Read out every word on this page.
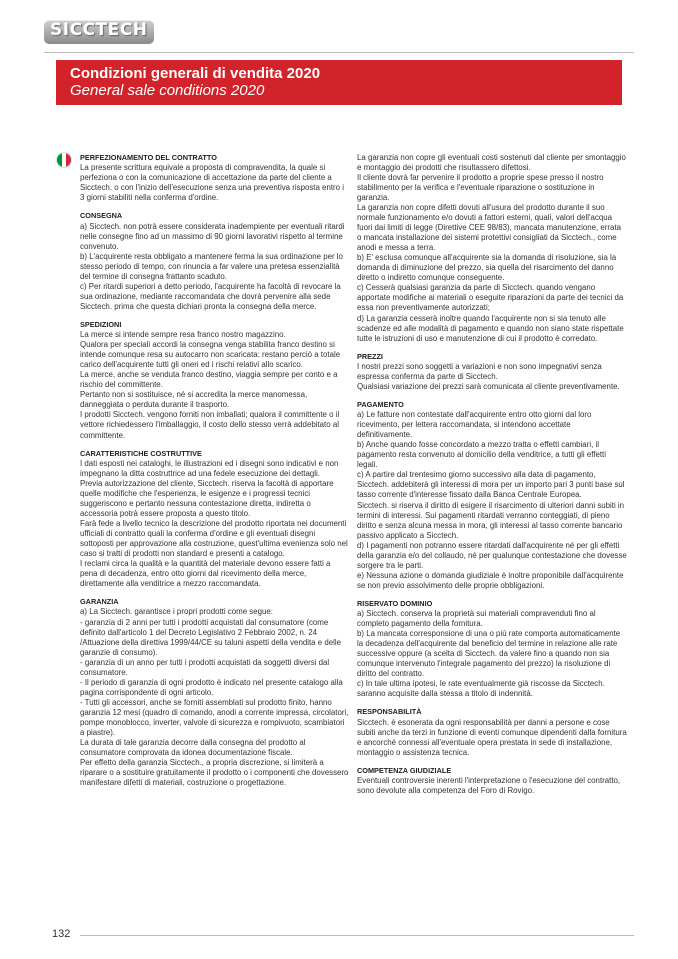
SICCTECH
Condizioni generali di vendita 2020
General sale conditions 2020
PERFEZIONAMENTO DEL CONTRATTO

La presente scrittura equivale a proposta di compravendita, la quale si perfeziona o con la comunicazione di accettazione da parte del cliente a Sicctech. o con l'inizio dell'esecuzione senza una preventiva risposta entro i 3 giorni stabiliti nella conferma d'ordine.

CONSEGNA

a) Sicctech. non potrà essere considerata inadempiente per eventuali ritardi nelle consegne fino ad un massimo di 90 giorni lavorativi rispetto al termine convenuto.
b) L'acquirente resta obbligato a mantenere ferma la sua ordinazione per lo stesso periodo di tempo, con rinuncia a far valere una pretesa essenzialità del termine di consegna frattanto scaduto.
c) Per ritardi superiori a detto periodo, l'acquirente ha facoltà di revocare la sua ordinazione, mediante raccomandata che dovrà pervenire alla sede Sicctech. prima che questa dichiari pronta la consegna della merce.

SPEDIZIONI

La merce si intende sempre resa franco nostro magazzino.
Qualora per speciali accordi la consegna venga stabilita franco destino si intende comunque resa su autocarro non scaricata: restano perciò a totale carico dell'acquirente tutti gli oneri ed i rischi relativi allo scarico.
La merce, anche se venduta franco destino, viaggia sempre per conto e a rischio del committente.
Pertanto non si sostituisce, né si accredita la merce manomessa, danneggiata o perduta durante il trasporto.
I prodotti Sicctech. vengono forniti non imballati; qualora il committente o il vettore richiedessero l'imballaggio, il costo dello stesso verrà addebitato al committente.

CARATTERISTICHE COSTRUTTIVE

I dati esposti nei cataloghi, le illustrazioni ed i disegni sono indicativi e non impegnano la ditta costruttrice ad una fedele esecuzione dei dettagli.
Previa autorizzazione del cliente, Sicctech. riserva la facoltà di apportare quelle modifiche che l'esperienza, le esigenze e i progressi tecnici suggeriscono e pertanto nessuna contestazione diretta, indiretta o accessoria potrà essere proposta a questo titolo.
Farà fede a livello tecnico la descrizione del prodotto riportata nei documenti ufficiali di contratto quali la conferma d'ordine e gli eventuali disegni sottoposti per approvazione alla costruzione, quest'ultima evenienza solo nel caso si tratti di prodotti non standard e presenti a catalogo.
I reclami circa la qualità e la quantità del materiale devono essere fatti a pena di decadenza, entro otto giorni dal ricevimento della merce, direttamente alla venditrice a mezzo raccomandata.

GARANZIA

a) La Sicctech. garantisce i propri prodotti come segue:
- garanzia di 2 anni per tutti i prodotti acquistati dal consumatore (come definito dall'articolo 1 del Decreto Legislativo 2 Febbraio 2002, n. 24 /Attuazione della direttiva 1999/44/CE su taluni aspetti della vendita e delle garanzie di consumo).
- garanzia di un anno per tutti i prodotti acquistati da soggetti diversi dal consumatore.
- Il periodo di garanzia di ogni prodotto è indicato nel presente catalogo alla pagina corrispondente di ogni articolo.
- Tutti gli accessori, anche se forniti assemblati sul prodotto finito, hanno garanzia 12 mesi (quadro di comando, anodi a corrente impressa, circolatori, pompe monoblocco, inverter, valvole di sicurezza e rompivuoto, scambiatori a piastre).
La durata di tale garanzia decorre dalla consegna del prodotto al consumatore comprovata da idonea documentazione fiscale.
Per effetto della garanzia Sicctech., a propria discrezione, si limiterà a riparare o a sostituire gratuitamente il prodotto o i componenti che dovessero manifestare difetti di materiali, costruzione o progettazione.

La garanzia non copre gli eventuali costi sostenuti dal cliente per smontaggio e montaggio dei prodotti che risultassero difettosi.
Il cliente dovrà far pervenire il prodotto a proprie spese presso il nostro stabilimento per la verifica e l'eventuale riparazione o sostituzione in garanzia.
La garanzia non copre difetti dovuti all'usura del prodotto durante il suo normale funzionamento e/o dovuti a fattori esterni, quali, valori dell'acqua fuori dai limiti di legge (Direttive CEE 98/83), mancata manutenzione, errata o mancata installazione dei sistemi protettivi consigliati da Sicctech., come anodi e messa a terra.
b) E' esclusa comunque all'acquirente sia la domanda di risoluzione, sia la domanda di diminuzione del prezzo, sia quella del risarcimento del danno diretto o indiretto comunque conseguente.
c) Cesserà qualsiasi garanzia da parte di Sicctech. quando vengano apportate modifiche ai materiali o eseguite riparazioni da parte dei tecnici da essa non preventivamente autorizzati;
d) La garanzia cesserà inoltre quando l'acquirente non si sia tenuto alle scadenze ed alle modalità di pagamento e quando non siano state rispettate tutte le istruzioni di uso e manutenzione di cui il prodotto è corredato.

PREZZI

I nostri prezzi sono soggetti a variazioni e non sono impegnativi senza espressa conferma da parte di Sicctech.
Qualsiasi variazione dei prezzi sarà comunicata al cliente preventivamente.

PAGAMENTO

a) Le fatture non contestate dall'acquirente entro otto giorni dal loro ricevimento, per lettera raccomandata, si intendono accettate definitivamente.
b) Anche quando fosse concordato a mezzo tratta o effetti cambiari, il pagamento resta convenuto al domicilio della venditrice, a tutti gli effetti legali.
c) A partire dal trentesimo giorno successivo alla data di pagamento, Sicctech. addebiterà gli interessi di mora per un importo pari 3 punti base sul tasso corrente d'interesse fissato dalla Banca Centrale Europea.
Sicctech. si riserva il diritto di esigere il risarcimento di ulteriori danni subiti in termini di interessi. Sui pagamenti ritardati verranno conteggiati, di pieno diritto e senza alcuna messa in mora, gli interessi al tasso corrente bancario passivo applicato a Sicctech.
d) I pagamenti non potranno essere ritardati dall'acquirente né per gli effetti della garanzia e/o del collaudo, né per qualunque contestazione che dovesse sorgere tra le parti.
e) Nessuna azione o domanda giudiziale è inoltre proponibile dall'acquirente se non previo assolvimento delle proprie obbligazioni.

RISERVATO DOMINIO

a) Sicctech. conserva la proprietà sui materiali compravenduti fino al completo pagamento della fornitura.
b) La mancata corresponsione di una o più rate comporta automaticamente la decadenza dell'acquirente dal beneficio del termine in relazione alle rate successive oppure (a scelta di Sicctech. da valere fino a quando non sia comunque intervenuto l'integrale pagamento del prezzo) la risoluzione di diritto del contratto.
c) In tale ultima ipotesi, le rate eventualmente già riscosse da Sicctech. saranno acquisite dalla stessa a titolo di indennità.

RESPONSABILITÀ

Sicctech. è esonerata da ogni responsabilità per danni a persone e cose subiti anche da terzi in funzione di eventi comunque dipendenti dalla fornitura e ancorché connessi all'eventuale opera prestata in sede di installazione, montaggio o assistenza tecnica.

COMPETENZA GIUDIZIALE

Eventuali controversie inerenti l'interpretazione o l'esecuzione del contratto, sono devolute alla competenza del Foro di Rovigo.

132
